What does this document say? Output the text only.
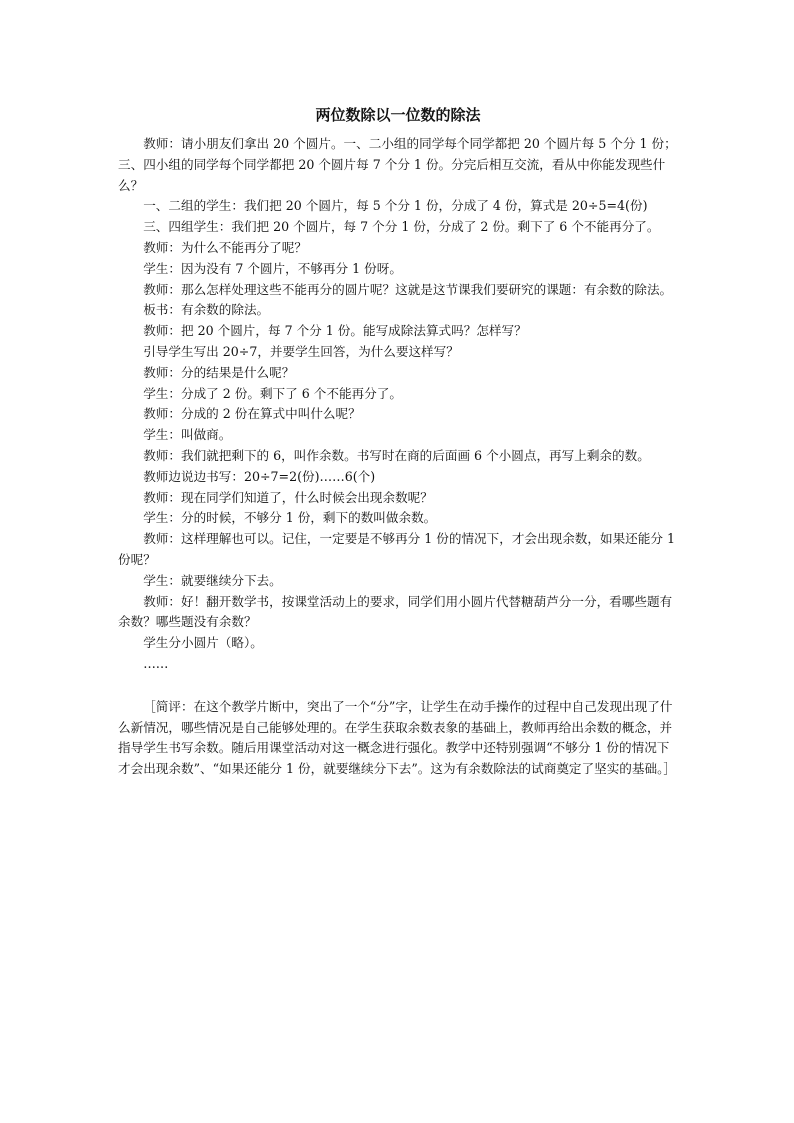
两位数除以一位数的除法

教师：请小朋友们拿出 20 个圆片。一、二小组的同学每个同学都把 20 个圆片每 5 个分 1 份；三、四小组的同学每个同学都把 20 个圆片每 7 个分 1 份。分完后相互交流，看从中你能发现些什么？

一、二组的学生：我们把 20 个圆片，每 5 个分 1 份，分成了 4 份，算式是 20÷5=4(份)

三、四组学生：我们把 20 个圆片，每 7 个分 1 份，分成了 2 份。剩下了 6 个不能再分了。

教师：为什么不能再分了呢？

学生：因为没有 7 个圆片，不够再分 1 份呀。

教师：那么怎样处理这些不能再分的圆片呢？这就是这节课我们要研究的课题：有余数的除法。

板书：有余数的除法。

教师：把 20 个圆片，每 7 个分 1 份。能写成除法算式吗？怎样写？

引导学生写出 20÷7，并要学生回答，为什么要这样写？

教师：分的结果是什么呢？

学生：分成了 2 份。剩下了 6 个不能再分了。

教师：分成的 2 份在算式中叫什么呢？

学生：叫做商。

教师：我们就把剩下的 6，叫作余数。书写时在商的后面画 6 个小圆点，再写上剩余的数。

教师边说边书写：20÷7=2(份)……6(个)

教师：现在同学们知道了，什么时候会出现余数呢？

学生：分的时候，不够分 1 份，剩下的数叫做余数。

教师：这样理解也可以。记住，一定要是不够再分 1 份的情况下，才会出现余数，如果还能分 1 份呢？

学生：就要继续分下去。

教师：好！翻开数学书，按课堂活动上的要求，同学们用小圆片代替糖葫芦分一分，看哪些题有余数？哪些题没有余数？

学生分小圆片（略）。

……

［简评：在这个教学片断中，突出了一个“分”字，让学生在动手操作的过程中自己发现出现了什么新情况，哪些情况是自己能够处理的。在学生获取余数表象的基础上，教师再给出余数的概念，并指导学生书写余数。随后用课堂活动对这一概念进行强化。教学中还特别强调“不够分 1 份的情况下才会出现余数”、“如果还能分 1 份，就要继续分下去”。这为有余数除法的试商奠定了坚实的基础。］
